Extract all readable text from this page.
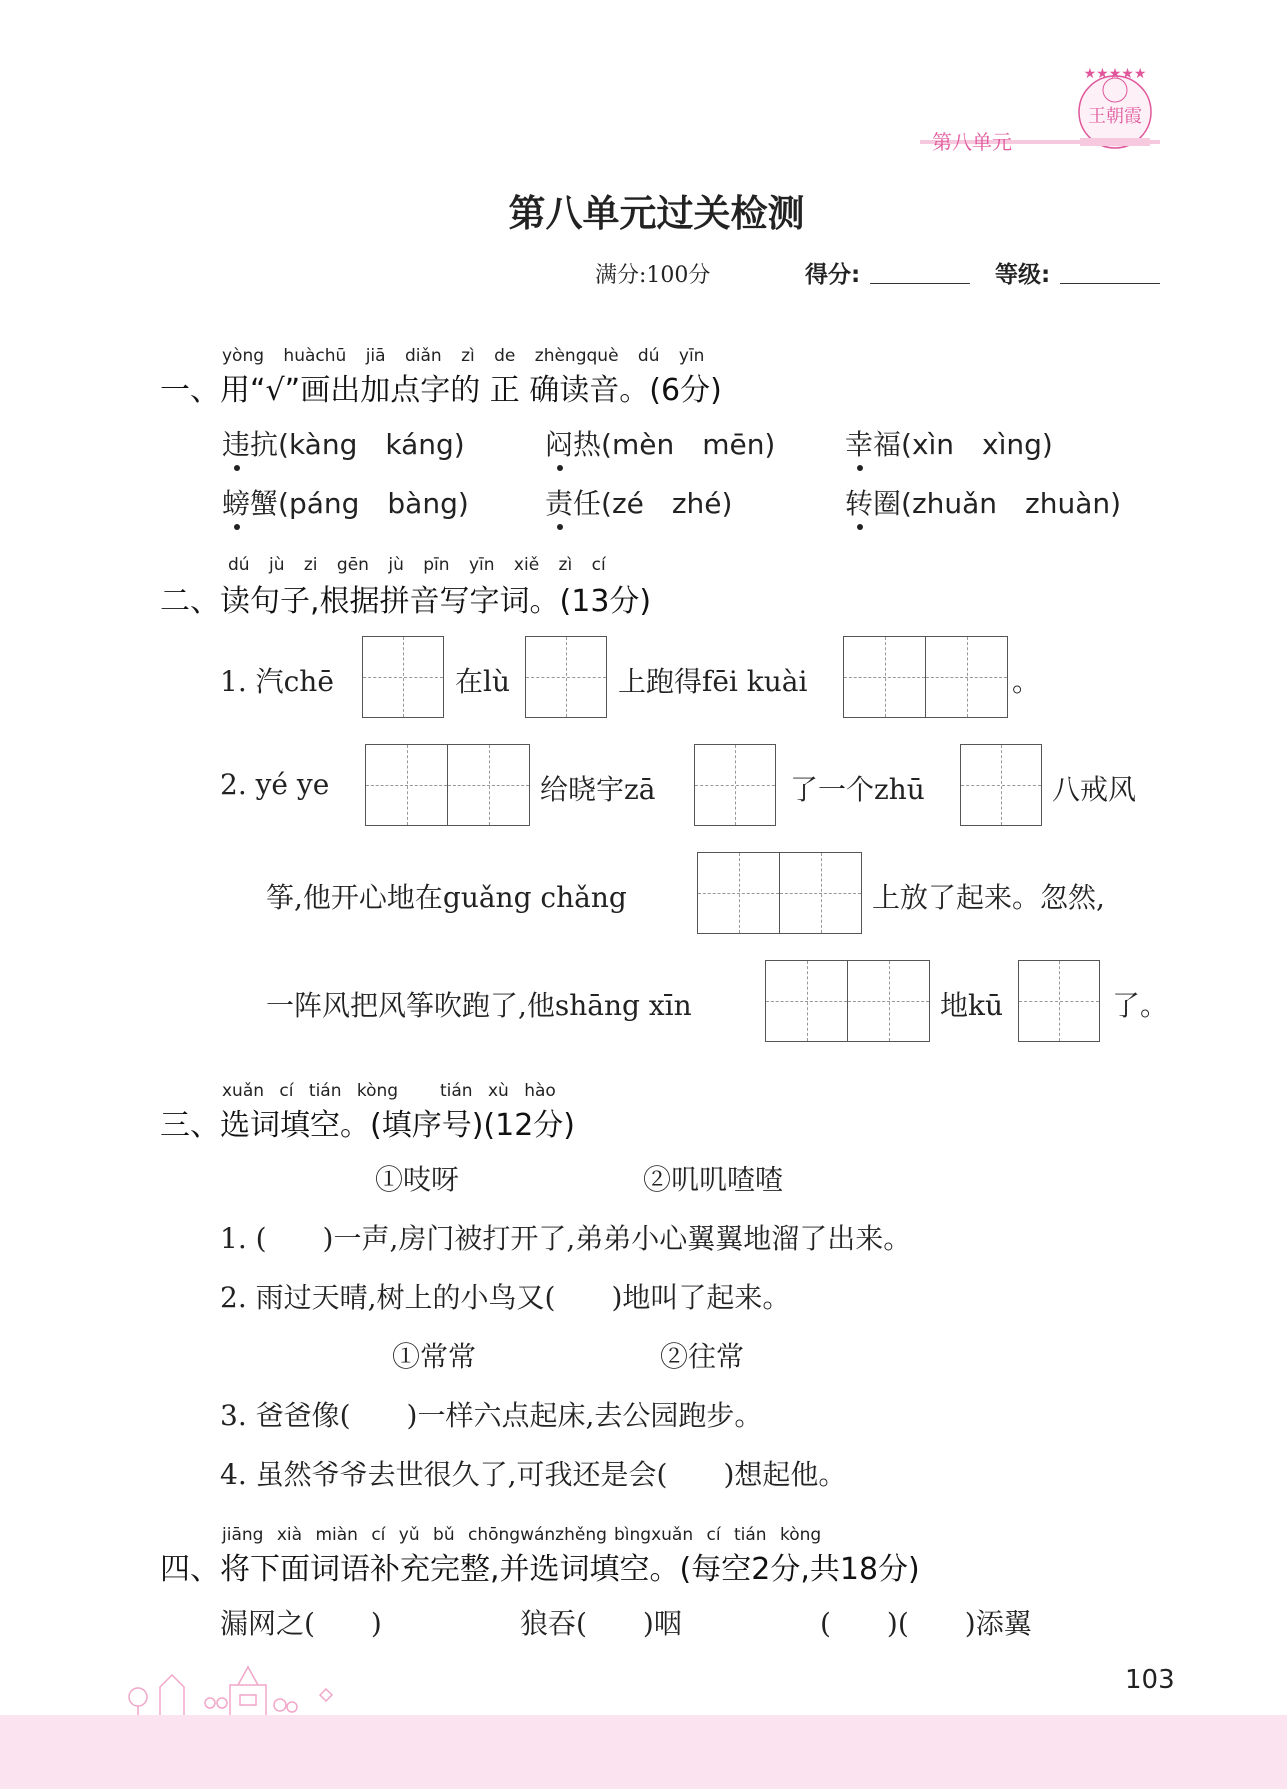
第八单元
★★★★★
王朝霞
第八单元过关检测
满分:100分	得分:	等级:
yòng huàchū jiā diǎn zì de zhèngquè dú yīn
一、用“√”画出加点字的 正 确读音。(6分)
违抗(kàng　káng)	闷热(mèn　mēn) 幸福(xìn　xìng)
螃蟹(páng　bàng)	责任(zé　zhé)	转圈(zhuǎn　zhuàn)
dú jù zi gēn jù pīn yīn xiě zì cí
二、读句子,根据拼音写字词。(13分)
1. 汽chē	在lù	上跑得fēi kuài	。
2. yé ye	给晓宇zā	了一个zhū	八戒风
筝,他开心地在guǎng chǎng	上放了起来。忽然,
一阵风把风筝吹跑了,他shāng xīn	地kū	了。
xuǎn cí tián kòng tián xù hào
三、选词填空。(填序号)(12分)
①吱呀	②叽叽喳喳
1. (　　)一声,房门被打开了,弟弟小心翼翼地溜了出来。
2. 雨过天晴,树上的小鸟又(　　)地叫了起来。
①常常	②往常
3. 爸爸像(　　)一样六点起床,去公园跑步。
4. 虽然爷爷去世很久了,可我还是会(　　)想起他。
jiāng xià miàn cí yǔ bǔ chōngwánzhěng bìngxuǎn cí tián kòng
四、将下面词语补充完整,并选词填空。(每空2分,共18分)
漏网之(　　)	狼吞(　　)咽	(　　)(　　)添翼
103
